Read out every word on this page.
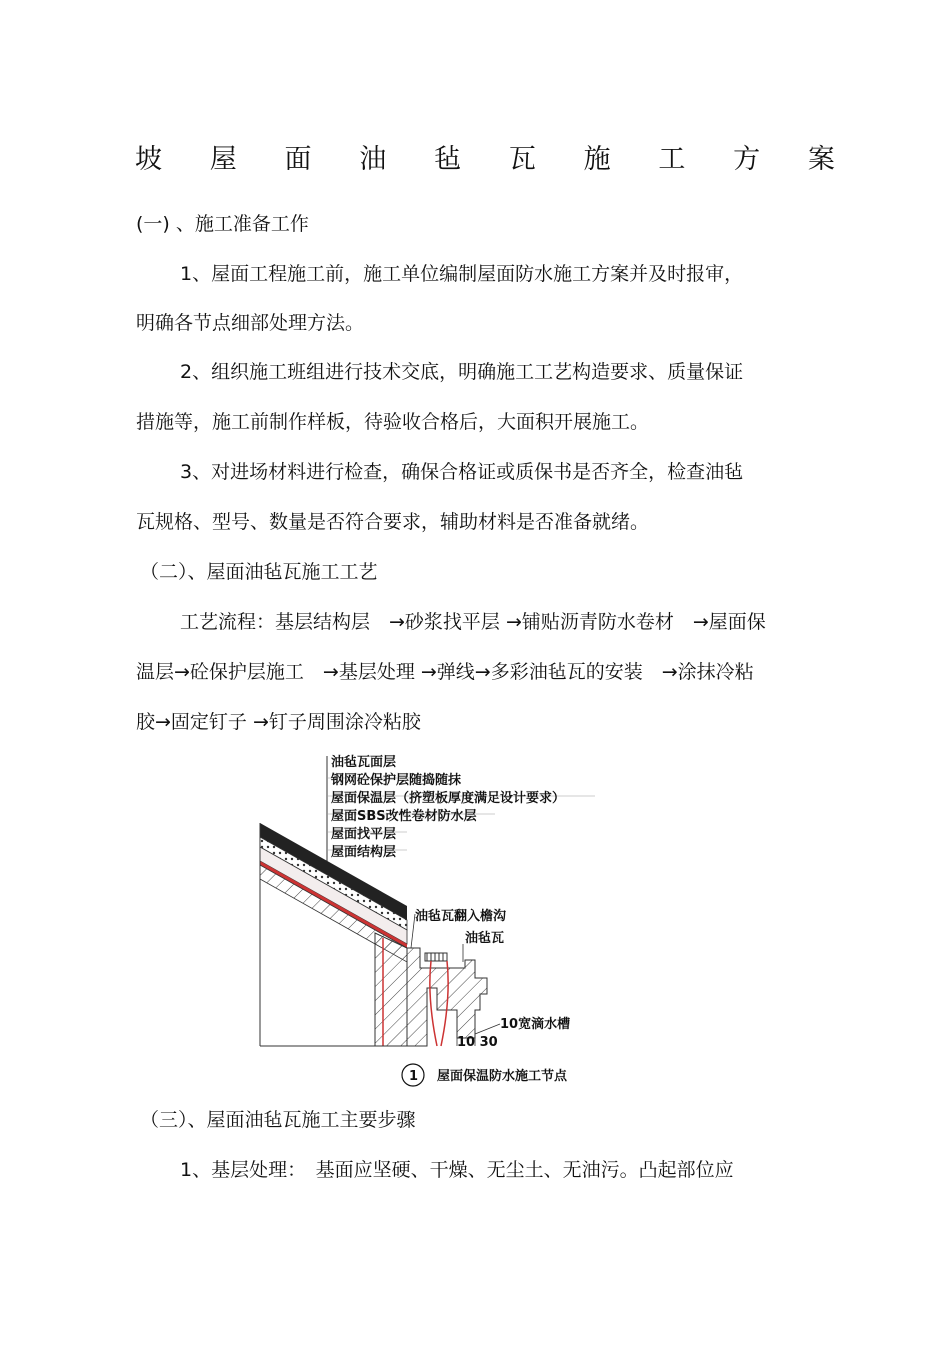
坡 屋 面 油 毡 瓦 施 工 方 案
(一) 、施工准备工作
1、屋面工程施工前，施工单位编制屋面防水施工方案并及时报审，
明确各节点细部处理方法。
2、组织施工班组进行技术交底，明确施工工艺构造要求、质量保证
措施等，施工前制作样板，待验收合格后，大面积开展施工。
3、对进场材料进行检查，确保合格证或质保书是否齐全，检查油毡
瓦规格、型号、数量是否符合要求，辅助材料是否准备就绪。
（二）、屋面油毡瓦施工工艺
工艺流程：基层结构层　→砂浆找平层 →铺贴沥青防水卷材　→屋面保
温层→砼保护层施工　→基层处理 →弹线→多彩油毡瓦的安装　→涂抹冷粘
胶→固定钉子 →钉子周围涂冷粘胶
油毡瓦面层
钢网砼保护层随捣随抹
屋面保温层（挤塑板厚度满足设计要求）
屋面SBS改性卷材防水层
屋面找平层
屋面结构层
油毡瓦翻入檐沟
油毡瓦
10宽滴水槽
10 30
1 屋面保温防水施工节点
（三）、屋面油毡瓦施工主要步骤
1、基层处理：　基面应坚硬、干燥、无尘土、无油污。凸起部位应
